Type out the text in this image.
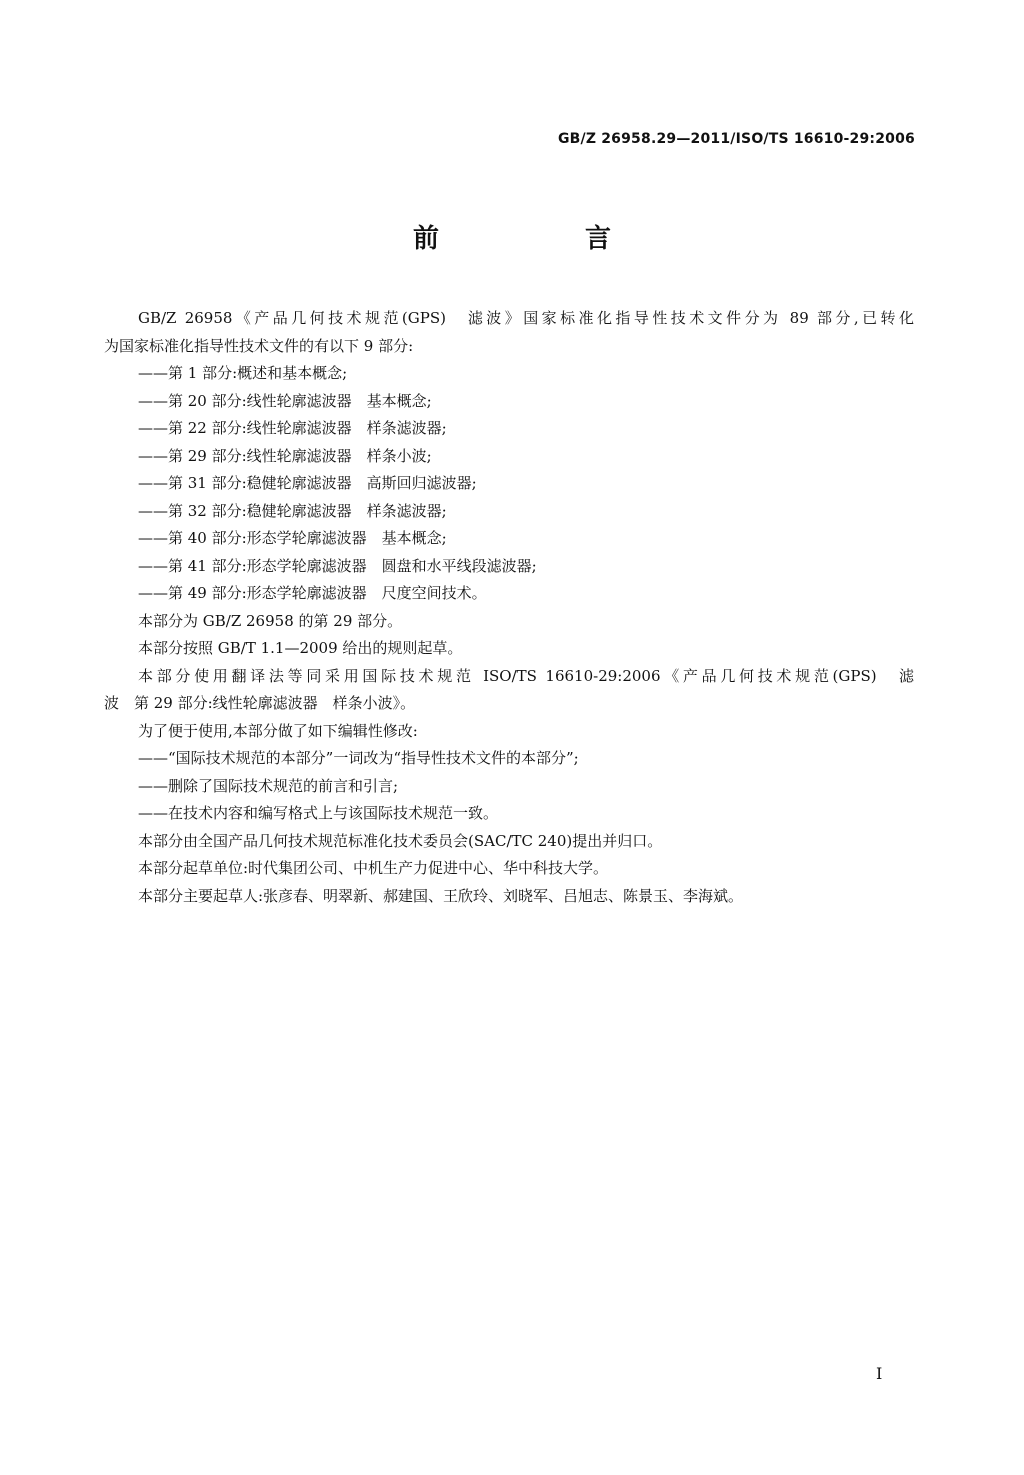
GB/Z 26958.29—2011/ISO/TS 16610-29:2006
前　言

GB/Z 26958《产品几何技术规范(GPS)　滤波》国家标准化指导性技术文件分为 89 部分,已转化

为国家标准化指导性技术文件的有以下 9 部分:

——第 1 部分:概述和基本概念;

——第 20 部分:线性轮廓滤波器　基本概念;

——第 22 部分:线性轮廓滤波器　样条滤波器;

——第 29 部分:线性轮廓滤波器　样条小波;

——第 31 部分:稳健轮廓滤波器　高斯回归滤波器;

——第 32 部分:稳健轮廓滤波器　样条滤波器;

——第 40 部分:形态学轮廓滤波器　基本概念;

——第 41 部分:形态学轮廓滤波器　圆盘和水平线段滤波器;

——第 49 部分:形态学轮廓滤波器　尺度空间技术。

本部分为 GB/Z 26958 的第 29 部分。

本部分按照 GB/T 1.1—2009 给出的规则起草。

本部分使用翻译法等同采用国际技术规范 ISO/TS 16610-29:2006《产品几何技术规范(GPS)　滤

波　第 29 部分:线性轮廓滤波器　样条小波》。

为了便于使用,本部分做了如下编辑性修改:

——“国际技术规范的本部分”一词改为“指导性技术文件的本部分”;

——删除了国际技术规范的前言和引言;

——在技术内容和编写格式上与该国际技术规范一致。

本部分由全国产品几何技术规范标准化技术委员会(SAC/TC 240)提出并归口。

本部分起草单位:时代集团公司、中机生产力促进中心、华中科技大学。

本部分主要起草人:张彦春、明翠新、郝建国、王欣玲、刘晓军、吕旭志、陈景玉、李海斌。

I
